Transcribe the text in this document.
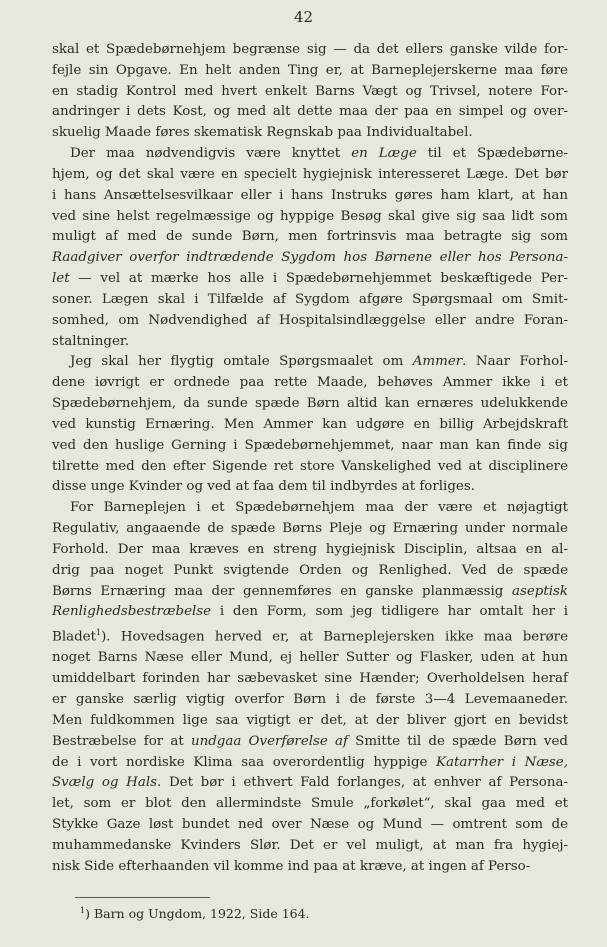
42
skal et Spædebørnehjem begrænse sig — da det ellers ganske vilde for-
fejle sin Opgave. En helt anden Ting er, at Barneplejerskerne maa føre
en stadig Kontrol med hvert enkelt Barns Vægt og Trivsel, notere For-
andringer i dets Kost, og med alt dette maa der paa en simpel og over-
skuelig Maade føres skematisk Regnskab paa Individualtabel.
Der maa nødvendigvis være knyttet en Læge til et Spædebørne-
hjem, og det skal være en specielt hygiejnisk interesseret Læge. Det bør
i hans Ansættelsesvilkaar eller i hans Instruks gøres ham klart, at han
ved sine helst regelmæssige og hyppige Besøg skal give sig saa lidt som
muligt af med de sunde Børn, men fortrinsvis maa betragte sig som
Raadgiver overfor indtrædende Sygdom hos Børnene eller hos Persona-
let — vel at mærke hos alle i Spædebørnehjemmet beskæftigede Per-
soner. Lægen skal i Tilfælde af Sygdom afgøre Spørgsmaal om Smit-
somhed, om Nødvendighed af Hospitalsindlæggelse eller andre Foran-
staltninger.
Jeg skal her flygtig omtale Spørgsmaalet om Ammer. Naar Forhol-
dene iøvrigt er ordnede paa rette Maade, behøves Ammer ikke i et
Spædebørnehjem, da sunde spæde Børn altid kan ernæres udelukkende
ved kunstig Ernæring. Men Ammer kan udgøre en billig Arbejdskraft
ved den huslige Gerning i Spædebørnehjemmet, naar man kan finde sig
tilrette med den efter Sigende ret store Vanskelighed ved at disciplinere
disse unge Kvinder og ved at faa dem til indbyrdes at forliges.
For Barneplejen i et Spædebørnehjem maa der være et nøjagtigt
Regulativ, angaaende de spæde Børns Pleje og Ernæring under normale
Forhold. Der maa kræves en streng hygiejnisk Disciplin, altsaa en al-
drig paa noget Punkt svigtende Orden og Renlighed. Ved de spæde
Børns Ernæring maa der gennemføres en ganske planmæssig aseptisk
Renlighedsbestræbelse i den Form, som jeg tidligere har omtalt her i
Bladet$^1$). Hovedsagen herved er, at Barneplejersken ikke maa berøre
noget Barns Næse eller Mund, ej heller Sutter og Flasker, uden at hun
umiddelbart forinden har sæbevasket sine Hænder; Overholdelsen heraf
er ganske særlig vigtig overfor Børn i de første 3—4 Levemaaneder.
Men fuldkommen lige saa vigtigt er det, at der bliver gjort en bevidst
Bestræbelse for at undgaa Overførelse af Smitte til de spæde Børn ved
de i vort nordiske Klima saa overordentlig hyppige Katarrher i Næse,
Svælg og Hals. Det bør i ethvert Fald forlanges, at enhver af Persona-
let, som er blot den allermindste Smule „forkølet“, skal gaa med et
Stykke Gaze løst bundet ned over Næse og Mund — omtrent som de
muhammedanske Kvinders Slør. Det er vel muligt, at man fra hygiej-
nisk Side efterhaanden vil komme ind paa at kræve, at ingen af Perso-
$^1$) Barn og Ungdom, 1922, Side 164.
